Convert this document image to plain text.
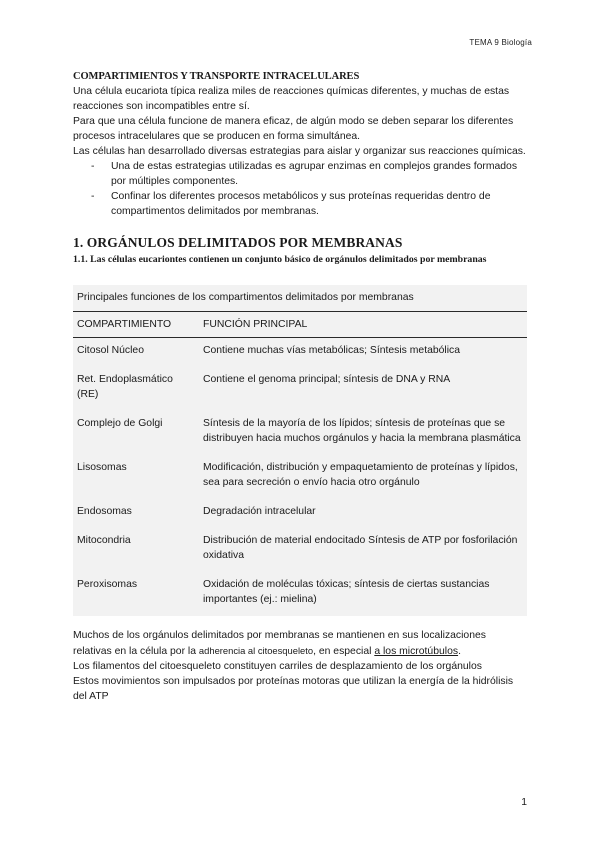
TEMA 9 Biología
COMPARTIMIENTOS Y TRANSPORTE INTRACELULARES

Una célula eucariota típica realiza miles de reacciones químicas diferentes, y muchas de estas reacciones son incompatibles entre sí.

Para que una célula funcione de manera eficaz, de algún modo se deben separar los diferentes procesos intracelulares que se producen en forma simultánea.

Las células han desarrollado diversas estrategias para aislar y organizar sus reacciones químicas.

- Una de estas estrategias utilizadas es agrupar enzimas en complejos grandes formados por múltiples componentes.
- Confinar los diferentes procesos metabólicos y sus proteínas requeridas dentro de compartimentos delimitados por membranas.
1. ORGÁNULOS DELIMITADOS POR MEMBRANAS
1.1. Las células eucariontes contienen un conjunto básico de orgánulos delimitados por membranas
Principales funciones de los compartimentos delimitados por membranas
COMPARTIMIENTO	FUNCIÓN PRINCIPAL
Citosol Núcleo	Contiene muchas vías metabólicas; Síntesis metabólica
Ret. Endoplasmático (RE)	Contiene el genoma principal; síntesis de DNA y RNA
Complejo de Golgi	Síntesis de la mayoría de los lípidos; síntesis de proteínas que se distribuyen hacia muchos orgánulos y hacia la membrana plasmática
Lisosomas	Modificación, distribución y empaquetamiento de proteínas y lípidos, sea para secreción o envío hacia otro orgánulo
Endosomas	Degradación intracelular
Mitocondria	Distribución de material endocitado Síntesis de ATP por fosforilación oxidativa
Peroxisomas	Oxidación de moléculas tóxicas; síntesis de ciertas sustancias importantes (ej.: mielina)

Muchos de los orgánulos delimitados por membranas se mantienen en sus localizaciones relativas en la célula por la adherencia al citoesqueleto, en especial a los microtúbulos.

Los filamentos del citoesqueleto constituyen carriles de desplazamiento de los orgánulos

Estos movimientos son impulsados por proteínas motoras que utilizan la energía de la hidrólisis del ATP

1
